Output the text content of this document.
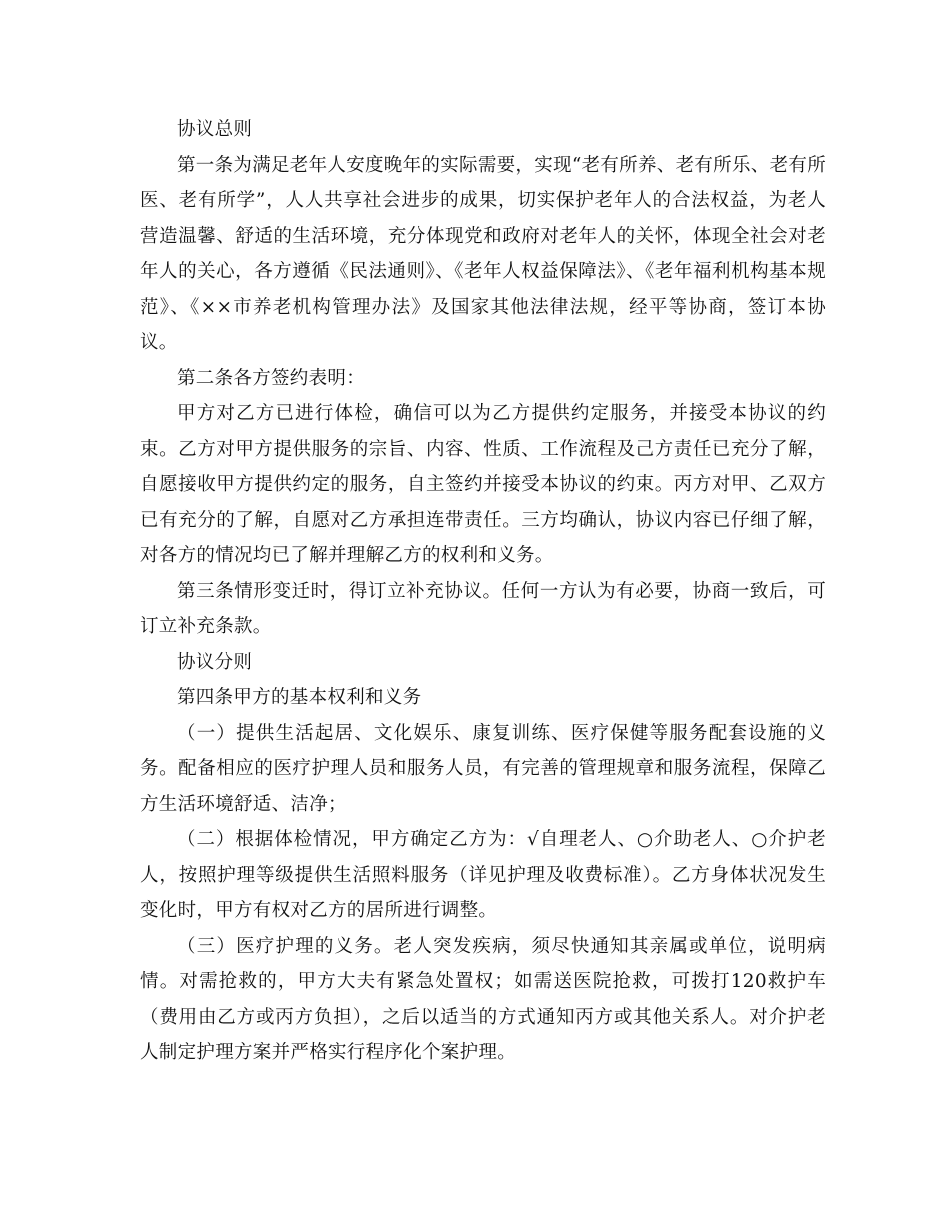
协议总则

第一条为满足老年人安度晚年的实际需要，实现“老有所养、老有所乐、老有所医、老有所学”，人人共享社会进步的成果，切实保护老年人的合法权益，为老人营造温馨、舒适的生活环境，充分体现党和政府对老年人的关怀，体现全社会对老年人的关心，各方遵循《民法通则》、《老年人权益保障法》、《老年福利机构基本规范》、《××市养老机构管理办法》及国家其他法律法规，经平等协商，签订本协议。

第二条各方签约表明：

甲方对乙方已进行体检，确信可以为乙方提供约定服务，并接受本协议的约束。乙方对甲方提供服务的宗旨、内容、性质、工作流程及己方责任已充分了解，自愿接收甲方提供约定的服务，自主签约并接受本协议的约束。丙方对甲、乙双方已有充分的了解，自愿对乙方承担连带责任。三方均确认，协议内容已仔细了解，对各方的情况均已了解并理解乙方的权利和义务。

第三条情形变迁时，得订立补充协议。任何一方认为有必要，协商一致后，可订立补充条款。

协议分则

第四条甲方的基本权利和义务

（一）提供生活起居、文化娱乐、康复训练、医疗保健等服务配套设施的义务。配备相应的医疗护理人员和服务人员，有完善的管理规章和服务流程，保障乙方生活环境舒适、洁净；

（二）根据体检情况，甲方确定乙方为：√自理老人、○介助老人、○介护老人，按照护理等级提供生活照料服务（详见护理及收费标准）。乙方身体状况发生变化时，甲方有权对乙方的居所进行调整。

（三）医疗护理的义务。老人突发疾病，须尽快通知其亲属或单位，说明病情。对需抢救的，甲方大夫有紧急处置权；如需送医院抢救，可拨打120救护车（费用由乙方或丙方负担），之后以适当的方式通知丙方或其他关系人。对介护老人制定护理方案并严格实行程序化个案护理。
